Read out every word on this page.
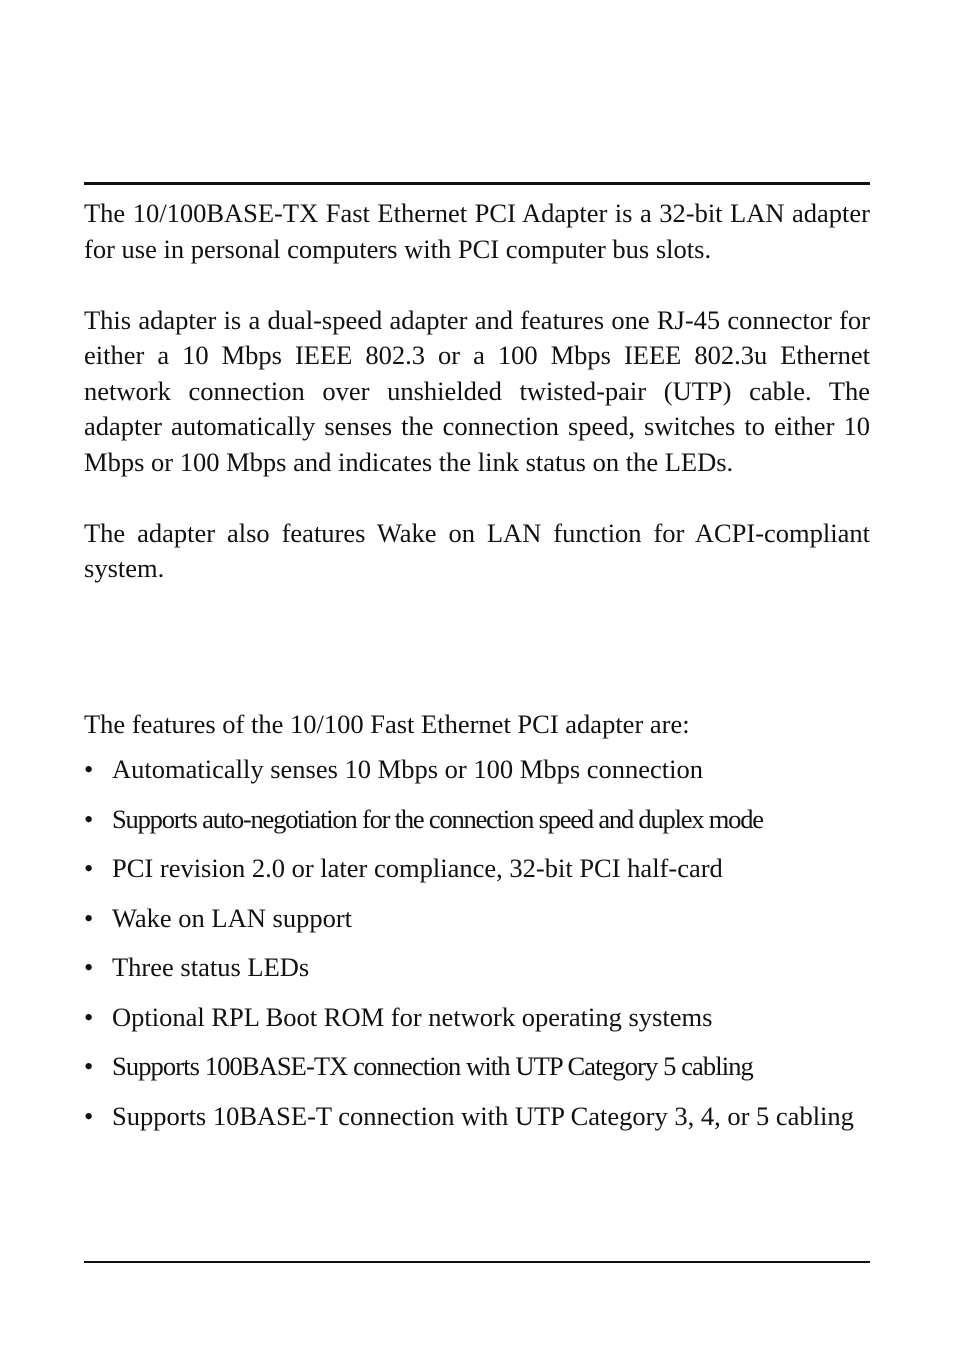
The 10/100BASE-TX Fast Ethernet PCI Adapter is a 32-bit LAN adapter for use in personal computers with PCI computer bus slots.

This adapter is a dual-speed adapter and features one RJ-45 connector for either a 10 Mbps IEEE 802.3 or a 100 Mbps IEEE 802.3u Ethernet network connection over unshielded twisted-pair (UTP) cable. The adapter automatically senses the connection speed, switches to either 10 Mbps or 100 Mbps and indicates the link status on the LEDs.

The adapter also features Wake on LAN function for ACPI-compliant system.

The features of the 10/100 Fast Ethernet PCI adapter are:

• Automatically senses 10 Mbps or 100 Mbps connection
• Supports auto-negotiation for the connection speed and duplex mode
• PCI revision 2.0 or later compliance, 32-bit PCI half-card
• Wake on LAN support
• Three status LEDs
• Optional RPL Boot ROM for network operating systems
• Supports 100BASE-TX connection with UTP Category 5 cabling
• Supports 10BASE-T connection with UTP Category 3, 4, or 5 cabling
